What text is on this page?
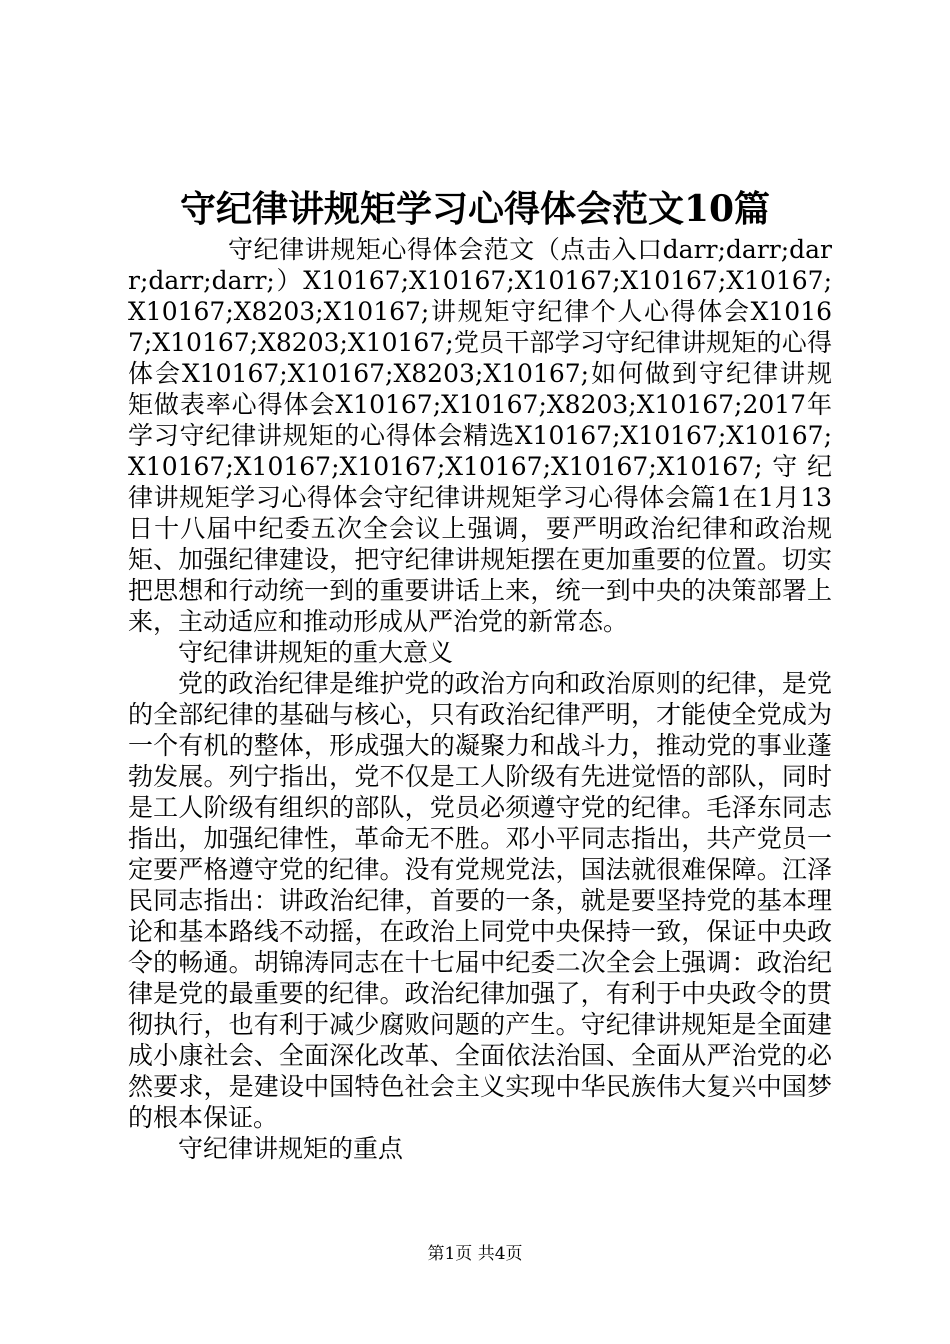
守纪律讲规矩学习心得体会范文10篇

守纪律讲规矩心得体会范文（点击入口darr;darr;darr;darr;darr;）X10167;X10167;X10167;X10167;X10167;X10167;X8203;X10167;讲规矩守纪律个人心得体会X10167;X10167;X8203;X10167;党员干部学习守纪律讲规矩的心得体会X10167;X10167;X8203;X10167;如何做到守纪律讲规矩做表率心得体会X10167;X10167;X8203;X10167;2017年学习守纪律讲规矩的心得体会精选X10167;X10167;X10167;X10167;X10167;X10167;X10167;X10167;X10167;守纪律讲规矩学习心得体会守纪律讲规矩学习心得体会篇1在1月13日十八届中纪委五次全会议上强调，要严明政治纪律和政治规矩、加强纪律建设，把守纪律讲规矩摆在更加重要的位置。切实把思想和行动统一到的重要讲话上来，统一到中央的决策部署上来，主动适应和推动形成从严治党的新常态。

守纪律讲规矩的重大意义

党的政治纪律是维护党的政治方向和政治原则的纪律，是党的全部纪律的基础与核心，只有政治纪律严明，才能使全党成为一个有机的整体，形成强大的凝聚力和战斗力，推动党的事业蓬勃发展。列宁指出，党不仅是工人阶级有先进觉悟的部队，同时是工人阶级有组织的部队，党员必须遵守党的纪律。毛泽东同志指出，加强纪律性，革命无不胜。邓小平同志指出，共产党员一定要严格遵守党的纪律。没有党规党法，国法就很难保障。江泽民同志指出：讲政治纪律，首要的一条，就是要坚持党的基本理论和基本路线不动摇，在政治上同党中央保持一致，保证中央政令的畅通。胡锦涛同志在十七届中纪委二次全会上强调：政治纪律是党的最重要的纪律。政治纪律加强了，有利于中央政令的贯彻执行，也有利于减少腐败问题的产生。守纪律讲规矩是全面建成小康社会、全面深化改革、全面依法治国、全面从严治党的必然要求，是建设中国特色社会主义实现中华民族伟大复兴中国梦的根本保证。

守纪律讲规矩的重点

第1页 共4页
